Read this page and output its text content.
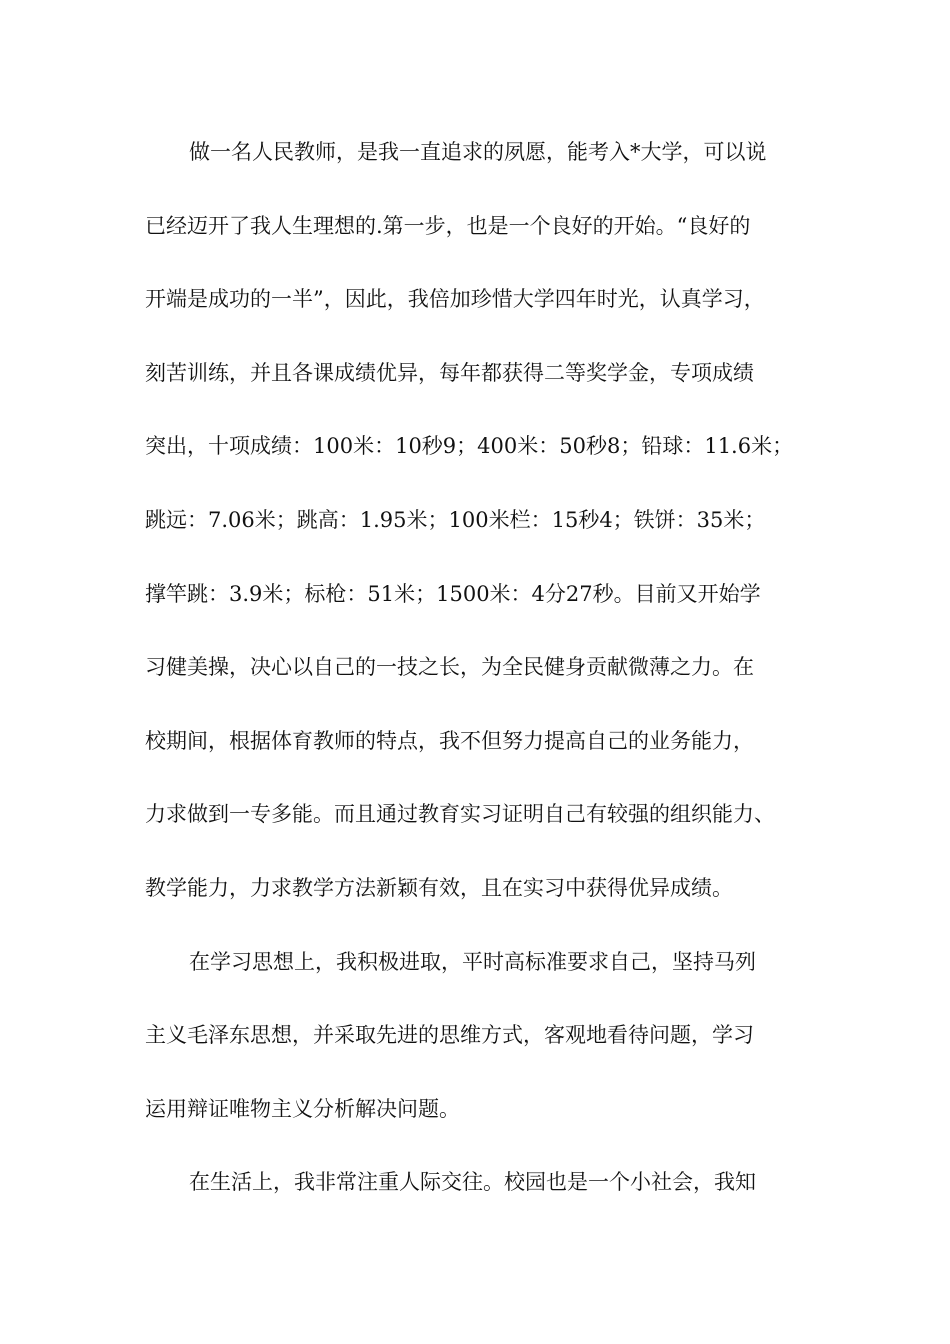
做一名人民教师，是我一直追求的夙愿，能考入*大学，可以说
已经迈开了我人生理想的.第一步，也是一个良好的开始。“良好的
开端是成功的一半”，因此，我倍加珍惜大学四年时光，认真学习，
刻苦训练，并且各课成绩优异，每年都获得二等奖学金，专项成绩
突出，十项成绩：100米：10秒9；400米：50秒8；铅球：11.6米；
跳远：7.06米；跳高：1.95米；100米栏：15秒4；铁饼：35米；
撑竿跳：3.9米；标枪：51米；1500米：4分27秒。目前又开始学
习健美操，决心以自己的一技之长，为全民健身贡献微薄之力。在
校期间，根据体育教师的特点，我不但努力提高自己的业务能力，
力求做到一专多能。而且通过教育实习证明自己有较强的组织能力、
教学能力，力求教学方法新颖有效，且在实习中获得优异成绩。
在学习思想上，我积极进取，平时高标准要求自己，坚持马列
主义毛泽东思想，并采取先进的思维方式，客观地看待问题，学习
运用辩证唯物主义分析解决问题。
在生活上，我非常注重人际交往。校园也是一个小社会，我知
